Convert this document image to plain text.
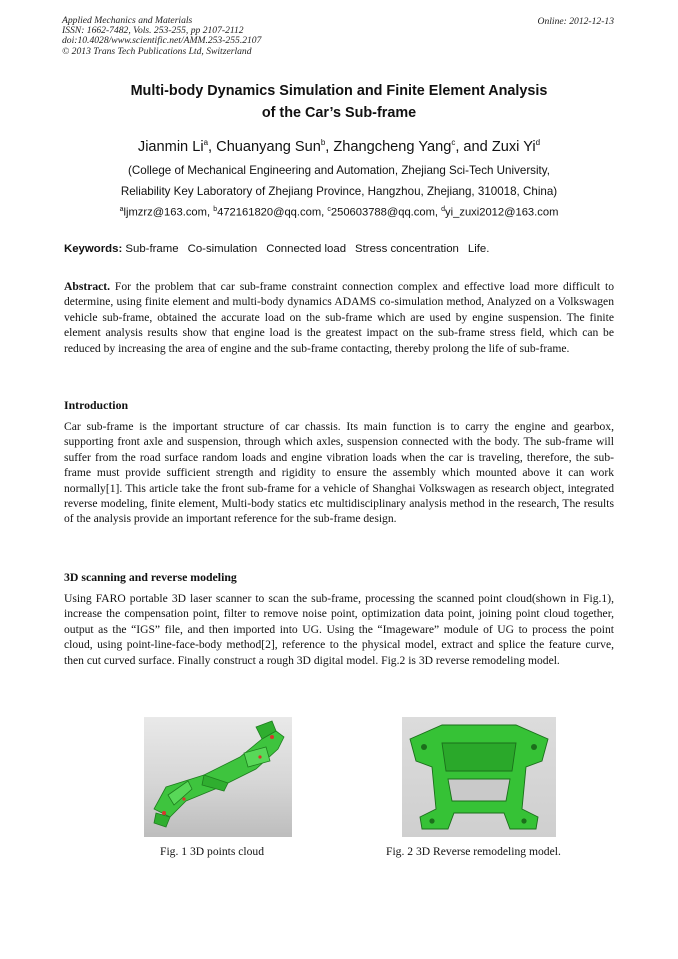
Applied Mechanics and Materials
ISSN: 1662-7482, Vols. 253-255, pp 2107-2112
doi:10.4028/www.scientific.net/AMM.253-255.2107
© 2013 Trans Tech Publications Ltd, Switzerland
Online: 2012-12-13
Multi-body Dynamics Simulation and Finite Element Analysis
of the Car’s Sub-frame
Jianmin Li$^a$, Chuanyang Sun$^b$, Zhangcheng Yang$^c$, and Zuxi Yi$^d$
(College of Mechanical Engineering and Automation, Zhejiang Sci-Tech University,
Reliability Key Laboratory of Zhejiang Province, Hangzhou, Zhejiang, 310018, China)
$^a$ljmzrz@163.com, $^b$472161820@qq.com, $^c$250603788@qq.com, $^d$yi_zuxi2012@163.com
Keywords: Sub-frame Co-simulation Connected load Stress concentration Life.
Abstract. For the problem that car sub-frame constraint connection complex and effective load more difficult to determine, using finite element and multi-body dynamics ADAMS co-simulation method, Analyzed on a Volkswagen vehicle sub-frame, obtained the accurate load on the sub-frame which are used by engine suspension. The finite element analysis results show that engine load is the greatest impact on the sub-frame stress field, which can be reduced by increasing the area of engine and the sub-frame contacting, thereby prolong the life of sub-frame.
Introduction
Car sub-frame is the important structure of car chassis. Its main function is to carry the engine and gearbox, supporting front axle and suspension, through which axles, suspension connected with the body. The sub-frame will suffer from the road surface random loads and engine vibration loads when the car is traveling, therefore, the sub-frame must provide sufficient strength and rigidity to ensure the assembly which mounted above it can work normally[1]. This article take the front sub-frame for a vehicle of Shanghai Volkswagen as research object, integrated reverse modeling, finite element, Multi-body statics etc multidisciplinary analysis method in the research, The results of the analysis provide an important reference for the sub-frame design.
3D scanning and reverse modeling
Using FARO portable 3D laser scanner to scan the sub-frame, processing the scanned point cloud(shown in Fig.1), increase the compensation point, filter to remove noise point, optimization data point, joining point cloud together, output as the “IGS” file, and then imported into UG. Using the “Imageware” module of UG to process the point cloud, using point-line-face-body method[2], reference to the physical model, extract and splice the feature curve, then cut curved surface. Finally construct a rough 3D digital model. Fig.2 is 3D reverse remodeling model.
Fig. 1 3D points cloud	Fig. 2 3D Reverse remodeling model.
